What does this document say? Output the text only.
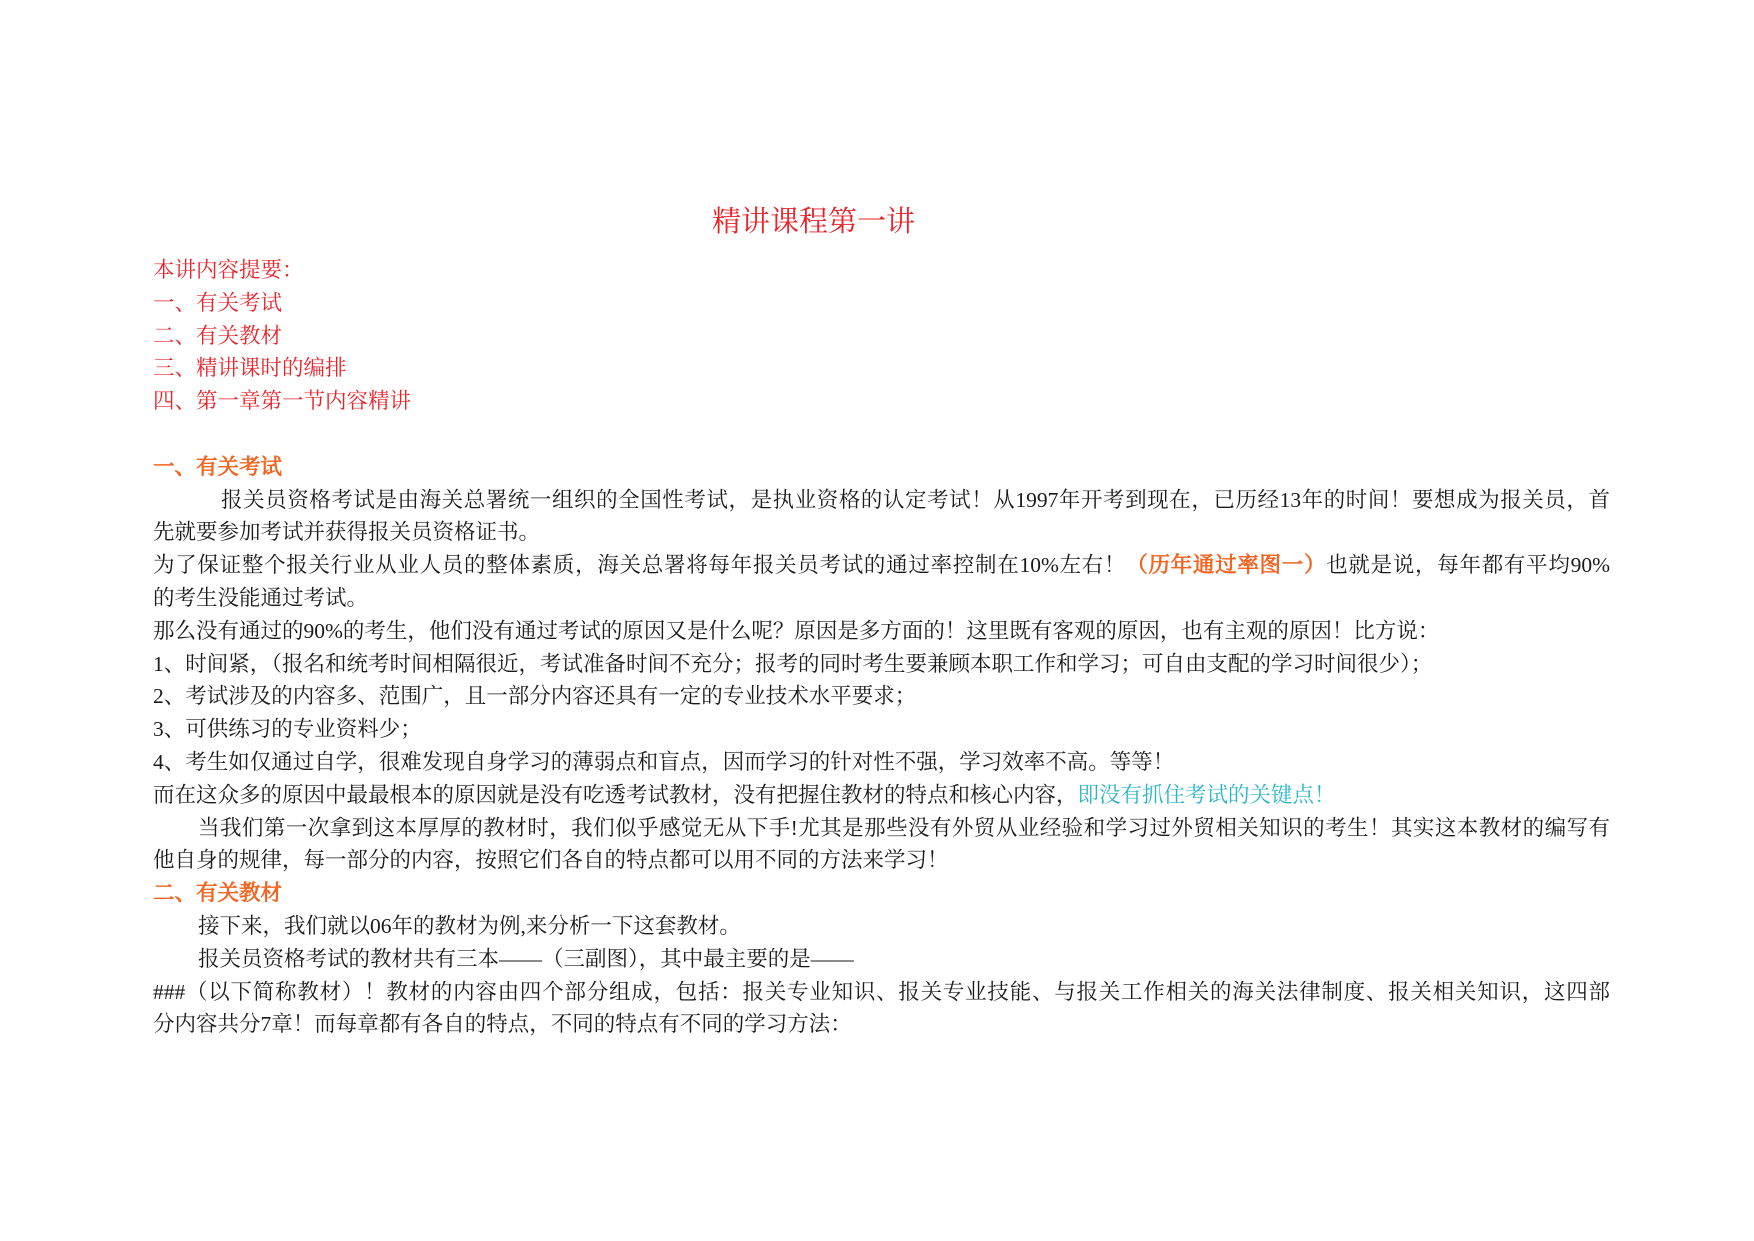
精讲课程第一讲
本讲内容提要：
一、有关考试
二、有关教材
三、精讲课时的编排
四、第一章第一节内容精讲
一、有关考试
报关员资格考试是由海关总署统一组织的全国性考试，是执业资格的认定考试！从1997年开考到现在，已历经13年的时间！要想成为报关员，首
先就要参加考试并获得报关员资格证书。
为了保证整个报关行业从业人员的整体素质，海关总署将每年报关员考试的通过率控制在10%左右！（历年通过率图一）也就是说，每年都有平均90%
的考生没能通过考试。
那么没有通过的90%的考生，他们没有通过考试的原因又是什么呢？原因是多方面的！这里既有客观的原因，也有主观的原因！比方说：
1、时间紧，（报名和统考时间相隔很近，考试准备时间不充分；报考的同时考生要兼顾本职工作和学习；可自由支配的学习时间很少）；
2、考试涉及的内容多、范围广，且一部分内容还具有一定的专业技术水平要求；
3、可供练习的专业资料少；
4、考生如仅通过自学，很难发现自身学习的薄弱点和盲点，因而学习的针对性不强，学习效率不高。等等！
而在这众多的原因中最最根本的原因就是没有吃透考试教材，没有把握住教材的特点和核心内容，即没有抓住考试的关键点！
当我们第一次拿到这本厚厚的教材时，我们似乎感觉无从下手!尤其是那些没有外贸从业经验和学习过外贸相关知识的考生！其实这本教材的编写有
他自身的规律，每一部分的内容，按照它们各自的特点都可以用不同的方法来学习！
二、有关教材
接下来，我们就以06年的教材为例,来分析一下这套教材。
报关员资格考试的教材共有三本——（三副图），其中最主要的是——
###（以下简称教材）！教材的内容由四个部分组成，包括：报关专业知识、报关专业技能、与报关工作相关的海关法律制度、报关相关知识，这四部
分内容共分7章！而每章都有各自的特点，不同的特点有不同的学习方法：
